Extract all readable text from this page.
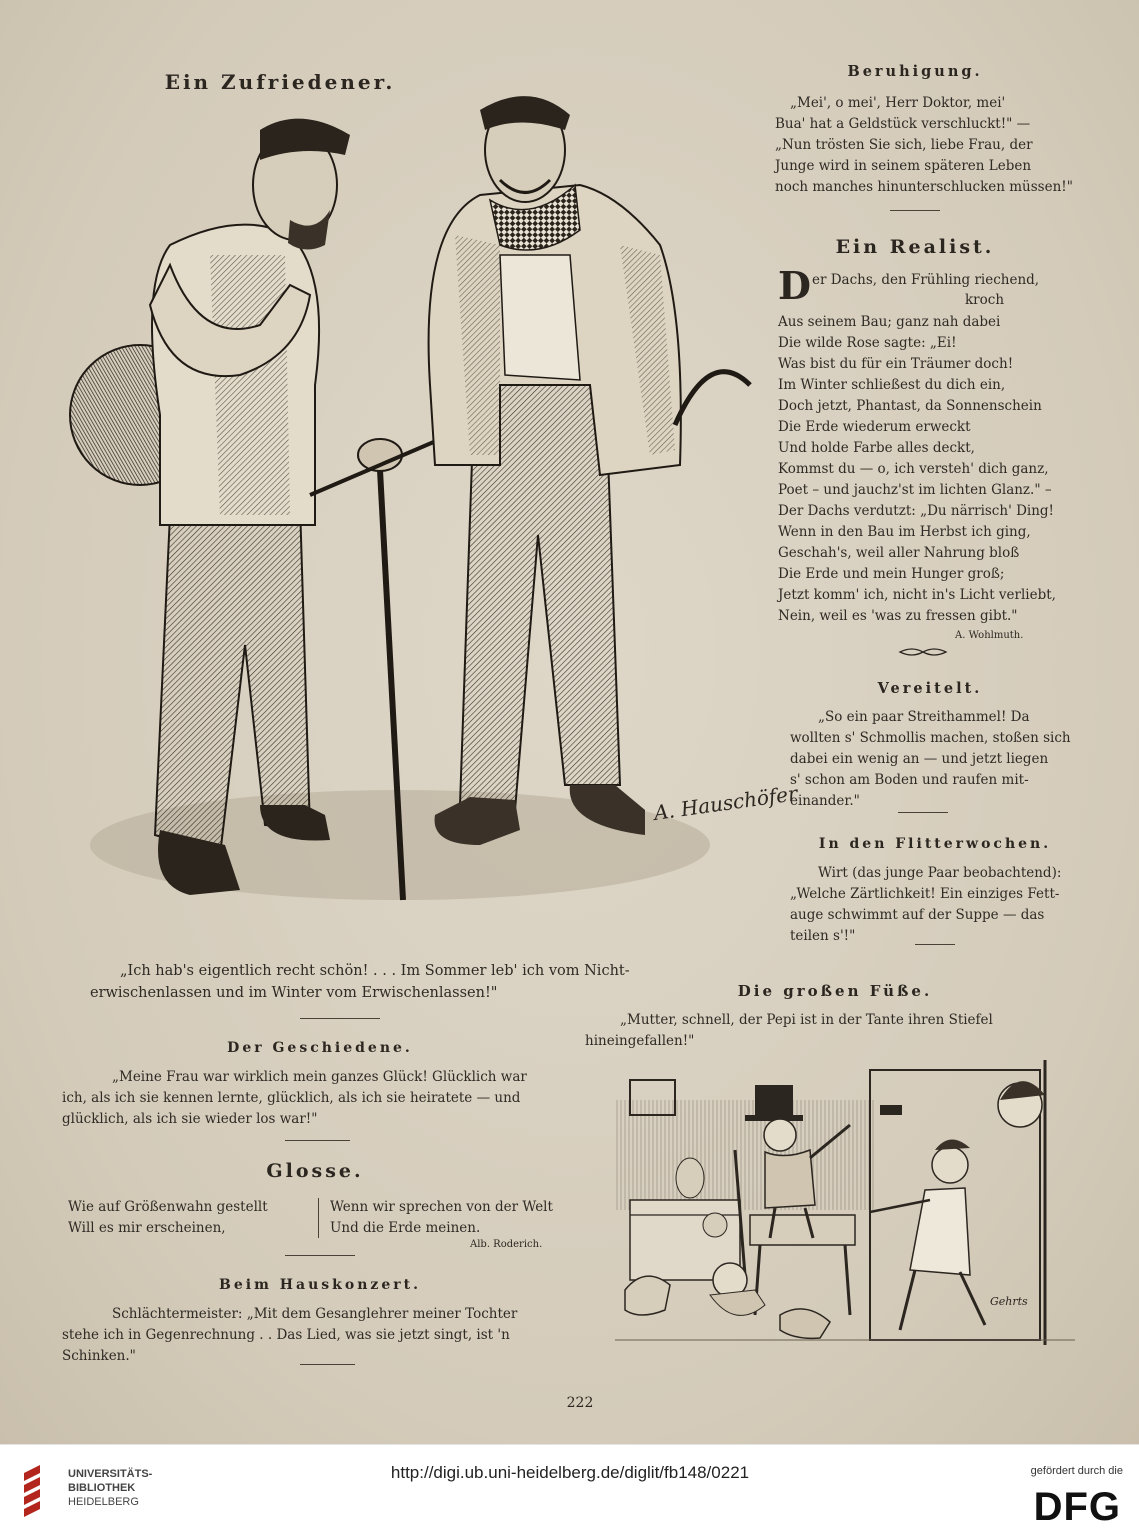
Ein Zufriedener.
A. Hauschöfer
„Ich hab's eigentlich recht schön! . . . Im Sommer leb' ich vom Nicht-
erwischenlassen und im Winter vom Erwischenlassen!"
Beruhigung.
„Mei', o mei', Herr Doktor, mei'
Bua' hat a Geldstück verschluckt!" —
„Nun trösten Sie sich, liebe Frau, der
Junge wird in seinem späteren Leben
noch manches hinunterschlucken müssen!"
Ein Realist.
D er Dachs, den Frühling riechend,
kroch
Aus seinem Bau; ganz nah dabei
Die wilde Rose sagte: „Ei!
Was bist du für ein Träumer doch!
Im Winter schließest du dich ein,
Doch jetzt, Phantast, da Sonnenschein
Die Erde wiederum erweckt
Und holde Farbe alles deckt,
Kommst du — o, ich versteh' dich ganz,
Poet – und jauchz'st im lichten Glanz." –
Der Dachs verdutzt: „Du närrisch' Ding!
Wenn in den Bau im Herbst ich ging,
Geschah's, weil aller Nahrung bloß
Die Erde und mein Hunger groß;
Jetzt komm' ich, nicht in's Licht verliebt,
Nein, weil es 'was zu fressen gibt."
A. Wohlmuth.
Vereitelt.
„So ein paar Streithammel! Da
wollten s' Schmollis machen, stoßen sich
dabei ein wenig an — und jetzt liegen
s' schon am Boden und raufen mit-
einander."
In den Flitterwochen.
Wirt (das junge Paar beobachtend):
„Welche Zärtlichkeit! Ein einziges Fett-
auge schwimmt auf der Suppe — das
teilen s'!"
Der Geschiedene.
„Meine Frau war wirklich mein ganzes Glück! Glücklich war
ich, als ich sie kennen lernte, glücklich, als ich sie heiratete — und
glücklich, als ich sie wieder los war!"
Glosse.
Wie auf Größenwahn gestellt
Will es mir erscheinen,
Wenn wir sprechen von der Welt
Und die Erde meinen.
Alb. Roderich.
Beim Hauskonzert.
Schlächtermeister: „Mit dem Gesanglehrer meiner Tochter
stehe ich in Gegenrechnung . . Das Lied, was sie jetzt singt, ist 'n
Schinken."
Die großen Füße.
„Mutter, schnell, der Pepi ist in der Tante ihren Stiefel
hineingefallen!"
Gehrts
222
UNIVERSITÄTS-
BIBLIOTHEK
HEIDELBERG
http://digi.ub.uni-heidelberg.de/diglit/fb148/0221	gefördert durch die
DFG
